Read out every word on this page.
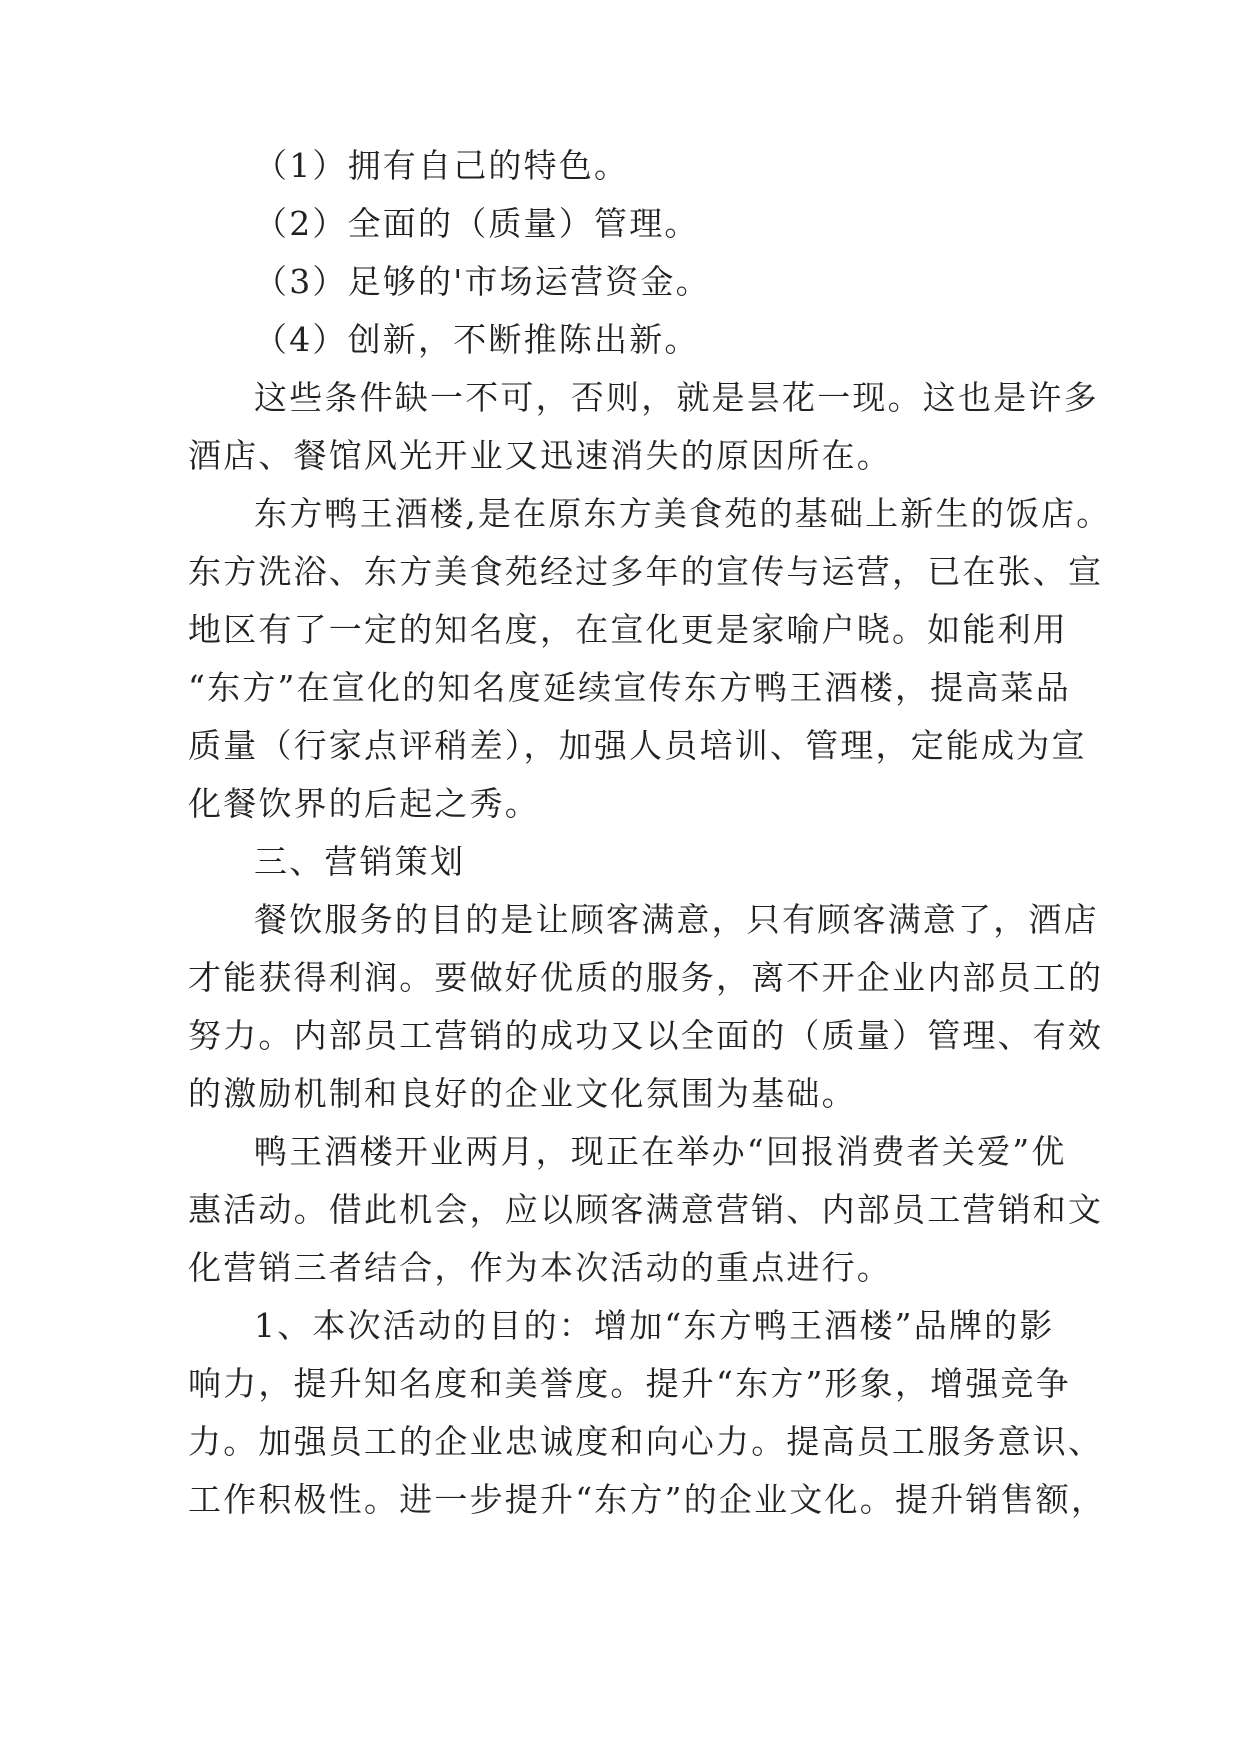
（1）拥有自己的特色。
（2）全面的（质量）管理。
（3）足够的'市场运营资金。
（4）创新，不断推陈出新。
这些条件缺一不可，否则，就是昙花一现。这也是许多
酒店、餐馆风光开业又迅速消失的原因所在。
东方鸭王酒楼,是在原东方美食苑的基础上新生的饭店。
东方洗浴、东方美食苑经过多年的宣传与运营，已在张、宣
地区有了一定的知名度，在宣化更是家喻户晓。如能利用
“东方”在宣化的知名度延续宣传东方鸭王酒楼，提高菜品
质量（行家点评稍差），加强人员培训、管理，定能成为宣
化餐饮界的后起之秀。
三、营销策划
餐饮服务的目的是让顾客满意，只有顾客满意了，酒店
才能获得利润。要做好优质的服务，离不开企业内部员工的
努力。内部员工营销的成功又以全面的（质量）管理、有效
的激励机制和良好的企业文化氛围为基础。
鸭王酒楼开业两月，现正在举办“回报消费者关爱”优
惠活动。借此机会，应以顾客满意营销、内部员工营销和文
化营销三者结合，作为本次活动的重点进行。
1、本次活动的目的：增加“东方鸭王酒楼”品牌的影
响力，提升知名度和美誉度。提升“东方”形象，增强竞争
力。加强员工的企业忠诚度和向心力。提高员工服务意识、
工作积极性。进一步提升“东方”的企业文化。提升销售额，
